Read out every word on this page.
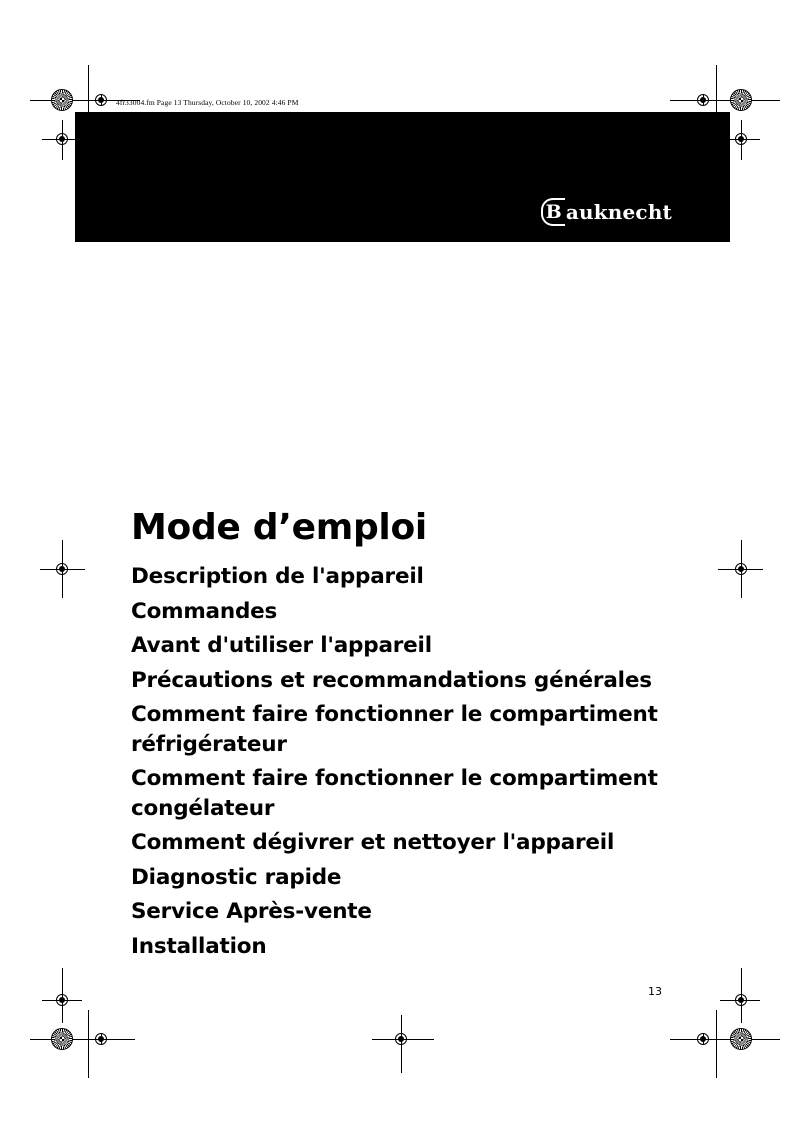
4fr33004.fm Page 13 Thursday, October 10, 2002 4:46 PM
B auknecht
Mode d’emploi
Description de l'appareil
Commandes
Avant d'utiliser l'appareil
Précautions et recommandations générales
Comment faire fonctionner le compartiment réfrigérateur
Comment faire fonctionner le compartiment congélateur
Comment dégivrer et nettoyer l'appareil
Diagnostic rapide
Service Après-vente
Installation
13
